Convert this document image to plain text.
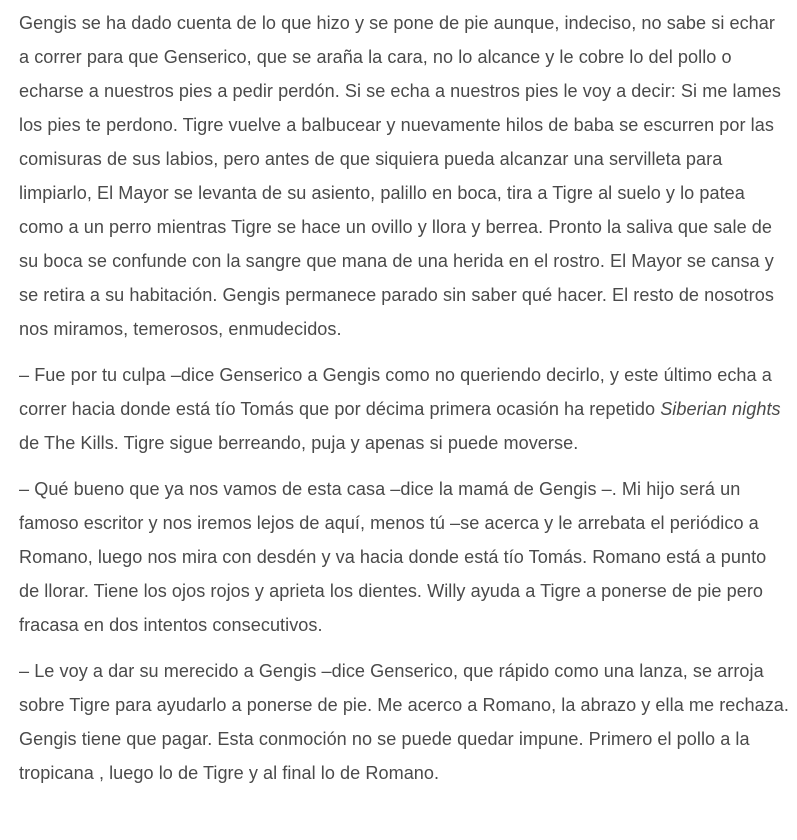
Gengis se ha dado cuenta de lo que hizo y se pone de pie aunque, indeciso, no sabe si echar a correr para que Genserico, que se araña la cara, no lo alcance y le cobre lo del pollo o echarse a nuestros pies a pedir perdón. Si se echa a nuestros pies le voy a decir: Si me lames los pies te perdono. Tigre vuelve a balbucear y nuevamente hilos de baba se escurren por las comisuras de sus labios, pero antes de que siquiera pueda alcanzar una servilleta para limpiarlo, El Mayor se levanta de su asiento, palillo en boca, tira a Tigre al suelo y lo patea como a un perro mientras Tigre se hace un ovillo y llora y berrea. Pronto la saliva que sale de su boca se confunde con la sangre que mana de una herida en el rostro. El Mayor se cansa y se retira a su habitación. Gengis permanece parado sin saber qué hacer. El resto de nosotros nos miramos, temerosos, enmudecidos.

– Fue por tu culpa –dice Genserico a Gengis como no queriendo decirlo, y este último echa a correr hacia donde está tío Tomás que por décima primera ocasión ha repetido Siberian nights de The Kills. Tigre sigue berreando, puja y apenas si puede moverse.

– Qué bueno que ya nos vamos de esta casa –dice la mamá de Gengis –. Mi hijo será un famoso escritor y nos iremos lejos de aquí, menos tú –se acerca y le arrebata el periódico a Romano, luego nos mira con desdén y va hacia donde está tío Tomás. Romano está a punto de llorar. Tiene los ojos rojos y aprieta los dientes. Willy ayuda a Tigre a ponerse de pie pero fracasa en dos intentos consecutivos.

– Le voy a dar su merecido a Gengis –dice Genserico, que rápido como una lanza, se arroja sobre Tigre para ayudarlo a ponerse de pie. Me acerco a Romano, la abrazo y ella me rechaza. Gengis tiene que pagar. Esta conmoción no se puede quedar impune. Primero el pollo a la tropicana , luego lo de Tigre y al final lo de Romano.
